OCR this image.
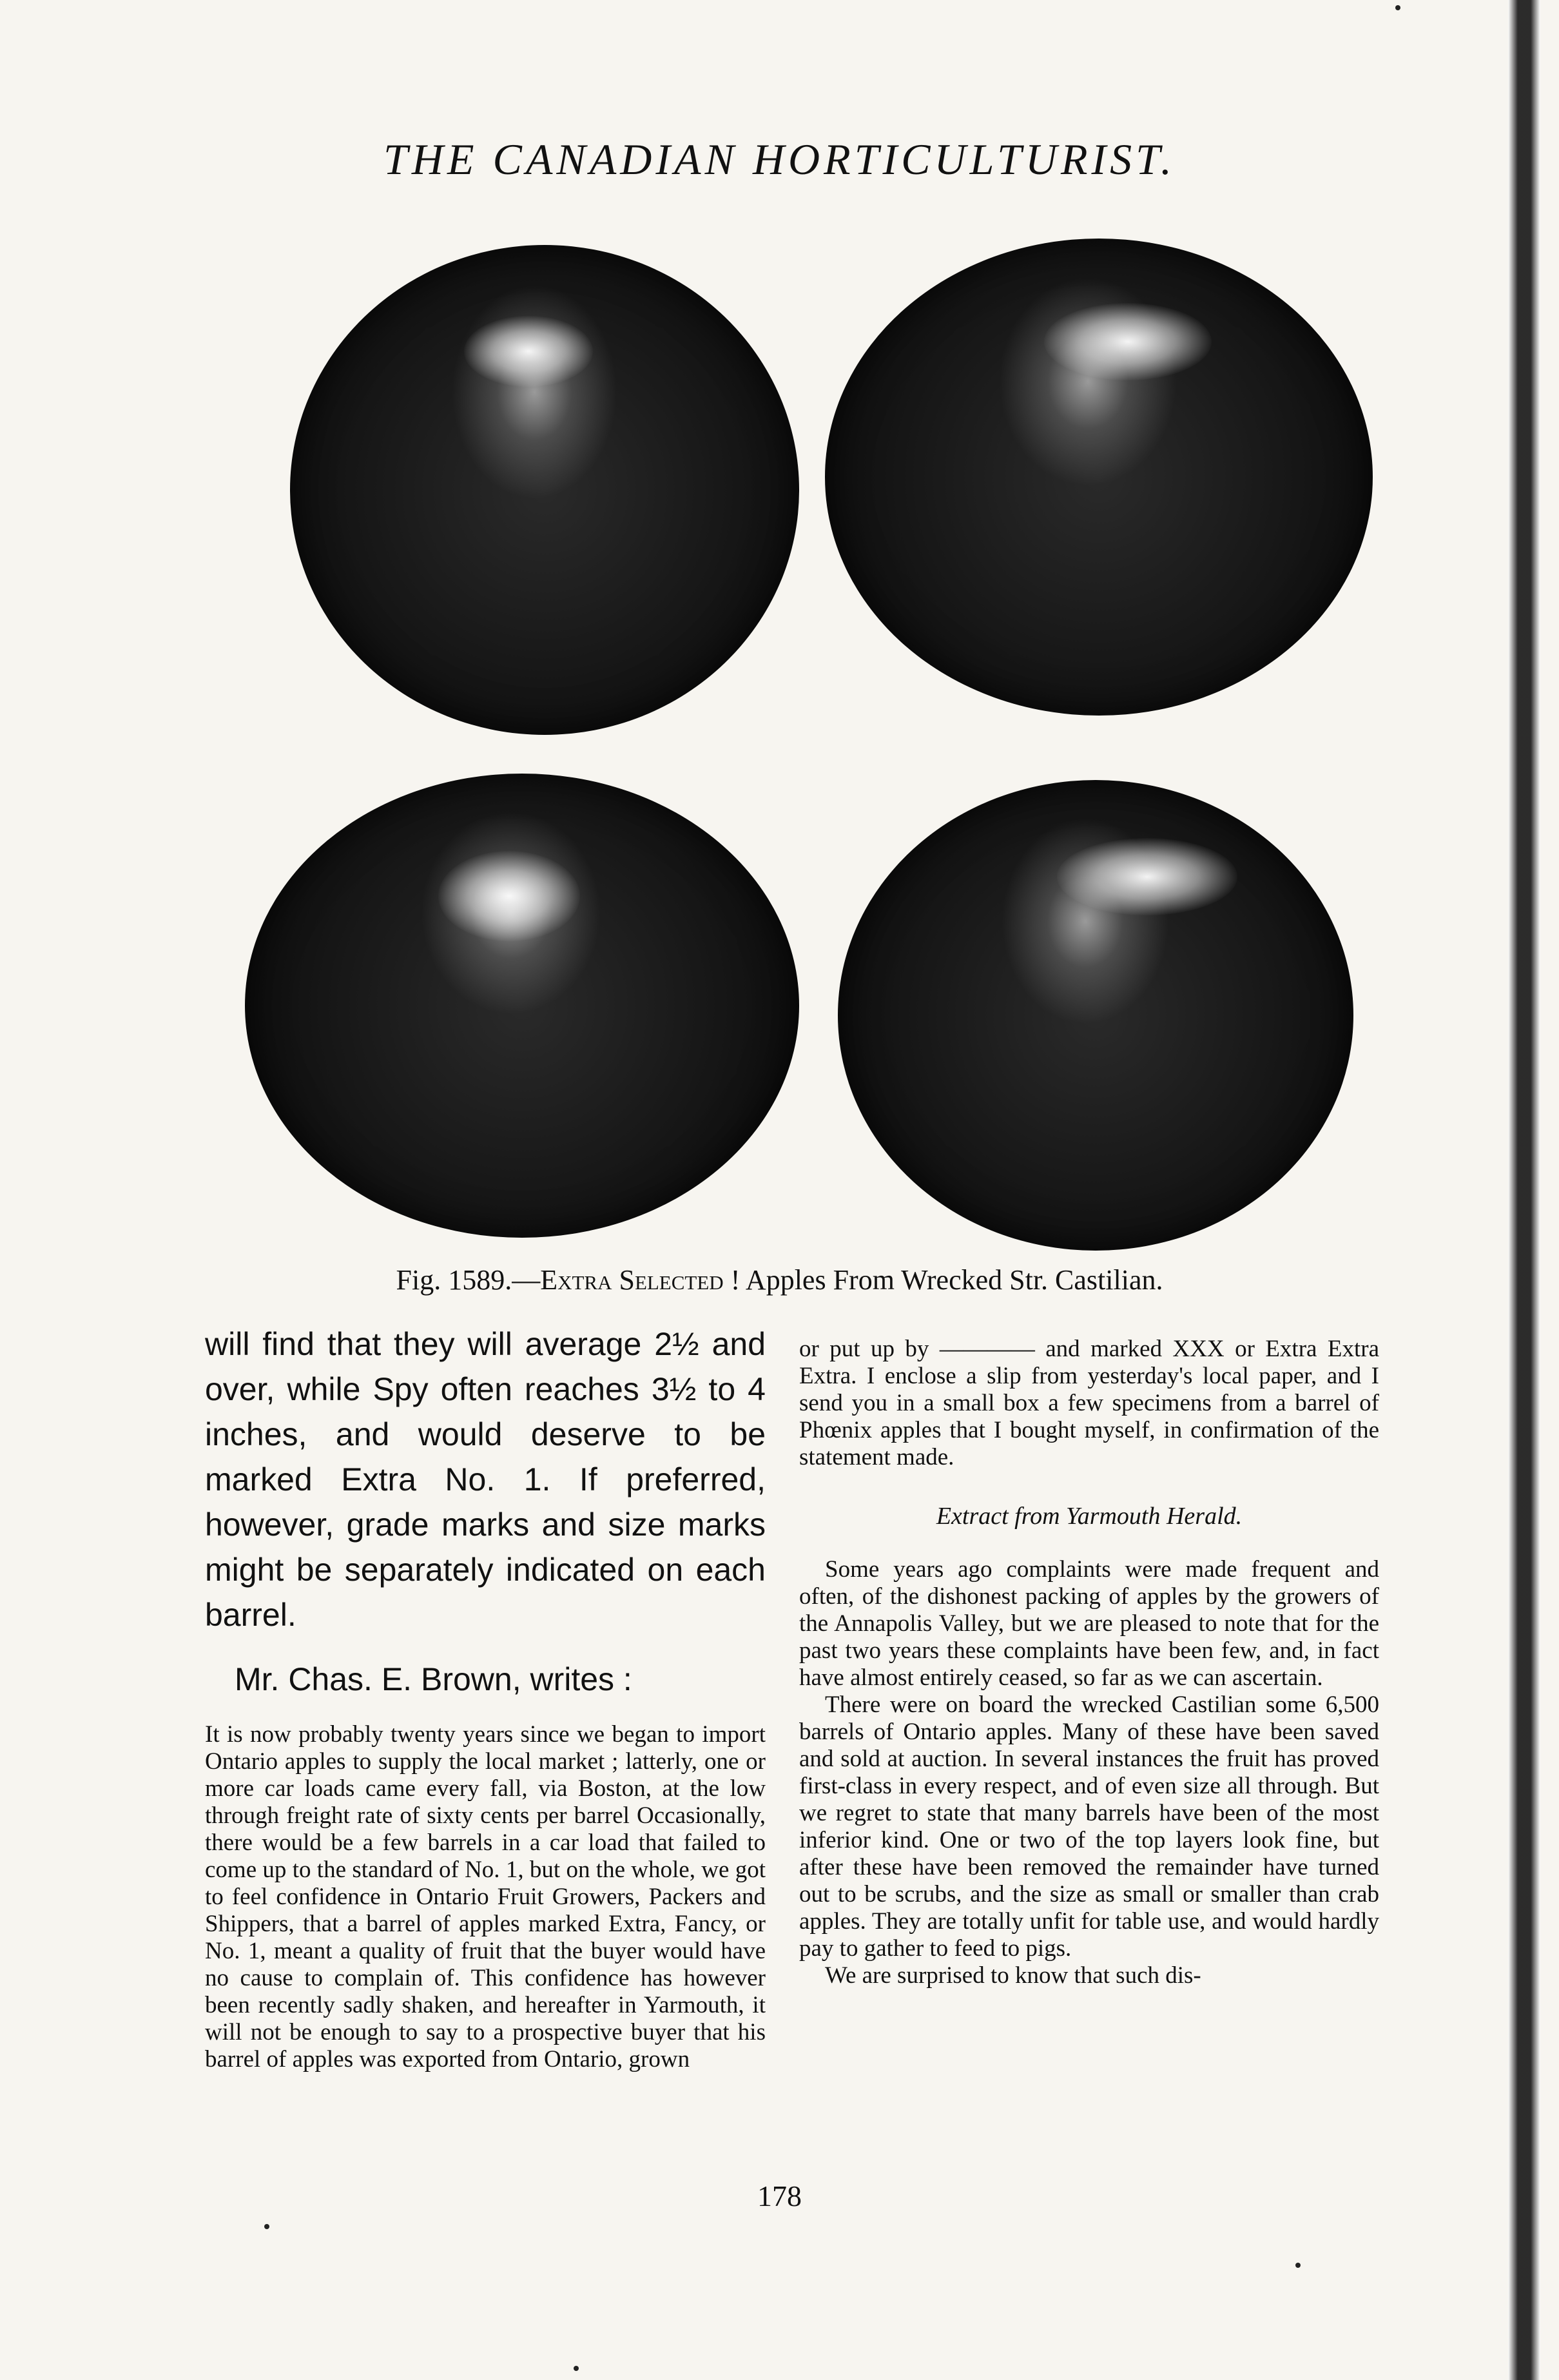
THE CANADIAN HORTICULTURIST.
Fig. 1589.—Extra Selected ! Apples From Wrecked Str. Castilian.

will find that they will average 2½ and over, while Spy often reaches 3½ to 4 inches, and would deserve to be marked Extra No. 1. If preferred, however, grade marks and size marks might be separately indicated on each barrel.

Mr. Chas. E. Brown, writes :

It is now probably twenty years since we began to import Ontario apples to supply the local market ; latterly, one or more car loads came every fall, via Boston, at the low through freight rate of sixty cents per barrel Occasionally, there would be a few barrels in a car load that failed to come up to the standard of No. 1, but on the whole, we got to feel confidence in Ontario Fruit Growers, Packers and Shippers, that a barrel of apples marked Extra, Fancy, or No. 1, meant a quality of fruit that the buyer would have no cause to complain of. This confidence has however been recently sadly shaken, and hereafter in Yarmouth, it will not be enough to say to a prospective buyer that his barrel of apples was exported from Ontario, grown

or put up by ———— and marked XXX or Extra Extra Extra. I enclose a slip from yesterday's local paper, and I send you in a small box a few specimens from a barrel of Phœnix apples that I bought myself, in confirmation of the statement made.

Extract from Yarmouth Herald.

Some years ago complaints were made frequent and often, of the dishonest packing of apples by the growers of the Annapolis Valley, but we are pleased to note that for the past two years these complaints have been few, and, in fact have almost entirely ceased, so far as we can ascertain.

There were on board the wrecked Castilian some 6,500 barrels of Ontario apples. Many of these have been saved and sold at auction. In several instances the fruit has proved first-class in every respect, and of even size all through. But we regret to state that many barrels have been of the most inferior kind. One or two of the top layers look fine, but after these have been removed the remainder have turned out to be scrubs, and the size as small or smaller than crab apples. They are totally unfit for table use, and would hardly pay to gather to feed to pigs.

We are surprised to know that such dis-

178
